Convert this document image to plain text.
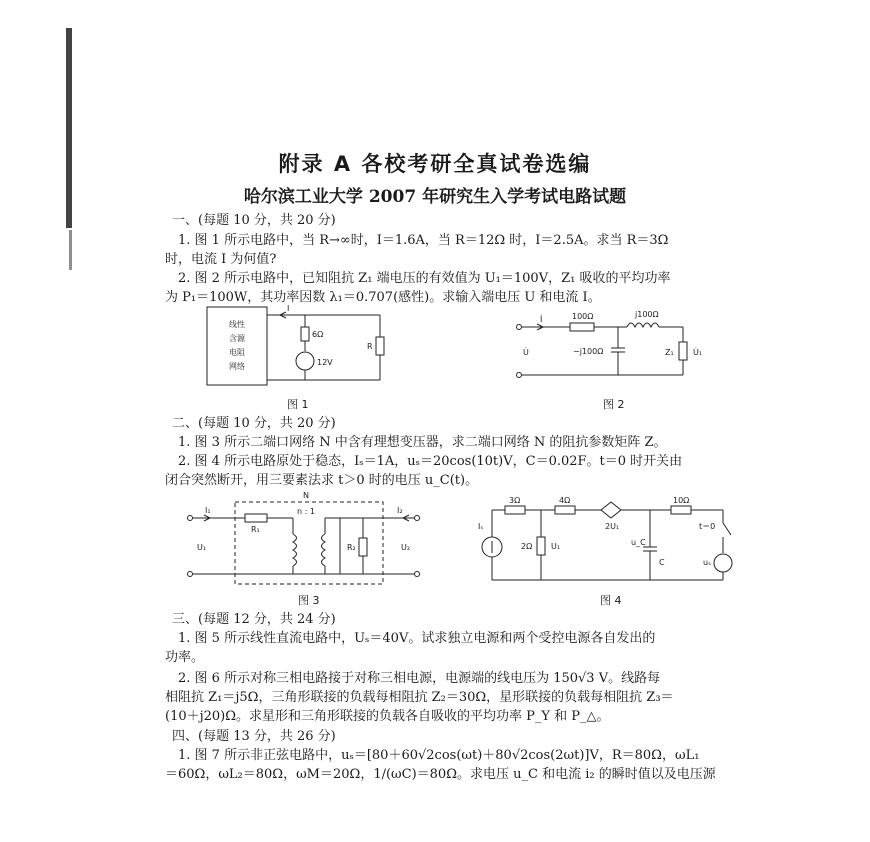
附录 A 各校考研全真试卷选编
哈尔滨工业大学 2007 年研究生入学考试电路试题
一、(每题 10 分，共 20 分)
1. 图 1 所示电路中，当 R→∞时，I＝1.6A，当 R＝12Ω 时，I＝2.5A。求当 R＝3Ω
时，电流 I 为何值?
2. 图 2 所示电路中，已知阻抗 Z₁ 端电压的有效值为 U₁＝100V，Z₁ 吸收的平均功率
为 P₁＝100W，其功率因数 λ₁＝0.707(感性)。求输入端电压 U 和电流 I。
线性
含源
电阻
网络
I
6Ω
12V
R
图 1
İ	100Ω	j100Ω
−j100Ω
U̇	Z₁ U̇₁
图 2
二、(每题 10 分，共 20 分)
1. 图 3 所示二端口网络 N 中含有理想变压器，求二端口网络 N 的阻抗参数矩阵 Z。
2. 图 4 所示电路原处于稳态，Iₛ＝1A，uₛ＝20cos(10t)V，C＝0.02F。t＝0 时开关由
闭合突然断开，用三要素法求 t＞0 时的电压 u_C(t)。
I₁	I₂
N
R₁
n : 1
R₂
U₁	U₂
图 3
Iₛ
3Ω	4Ω
2Ω
2U₁
10Ω
U₁	u_C
C
t＝0
uₛ
图 4
三、(每题 12 分，共 24 分)
1. 图 5 所示线性直流电路中，Uₛ＝40V。试求独立电源和两个受控电源各自发出的
功率。
2. 图 6 所示对称三相电路接于对称三相电源，电源端的线电压为 150√3 V。线路每
相阻抗 Z₁＝j5Ω，三角形联接的负载每相阻抗 Z₂＝30Ω，星形联接的负载每相阻抗 Z₃＝
(10＋j20)Ω。求星形和三角形联接的负载各自吸收的平均功率 P_Y 和 P_△。
四、(每题 13 分，共 26 分)
1. 图 7 所示非正弦电路中，uₛ＝[80＋60√2cos(ωt)＋80√2cos(2ωt)]V，R＝80Ω，ωL₁
＝60Ω，ωL₂＝80Ω，ωM＝20Ω，1/(ωC)＝80Ω。求电压 u_C 和电流 i₂ 的瞬时值以及电压源
